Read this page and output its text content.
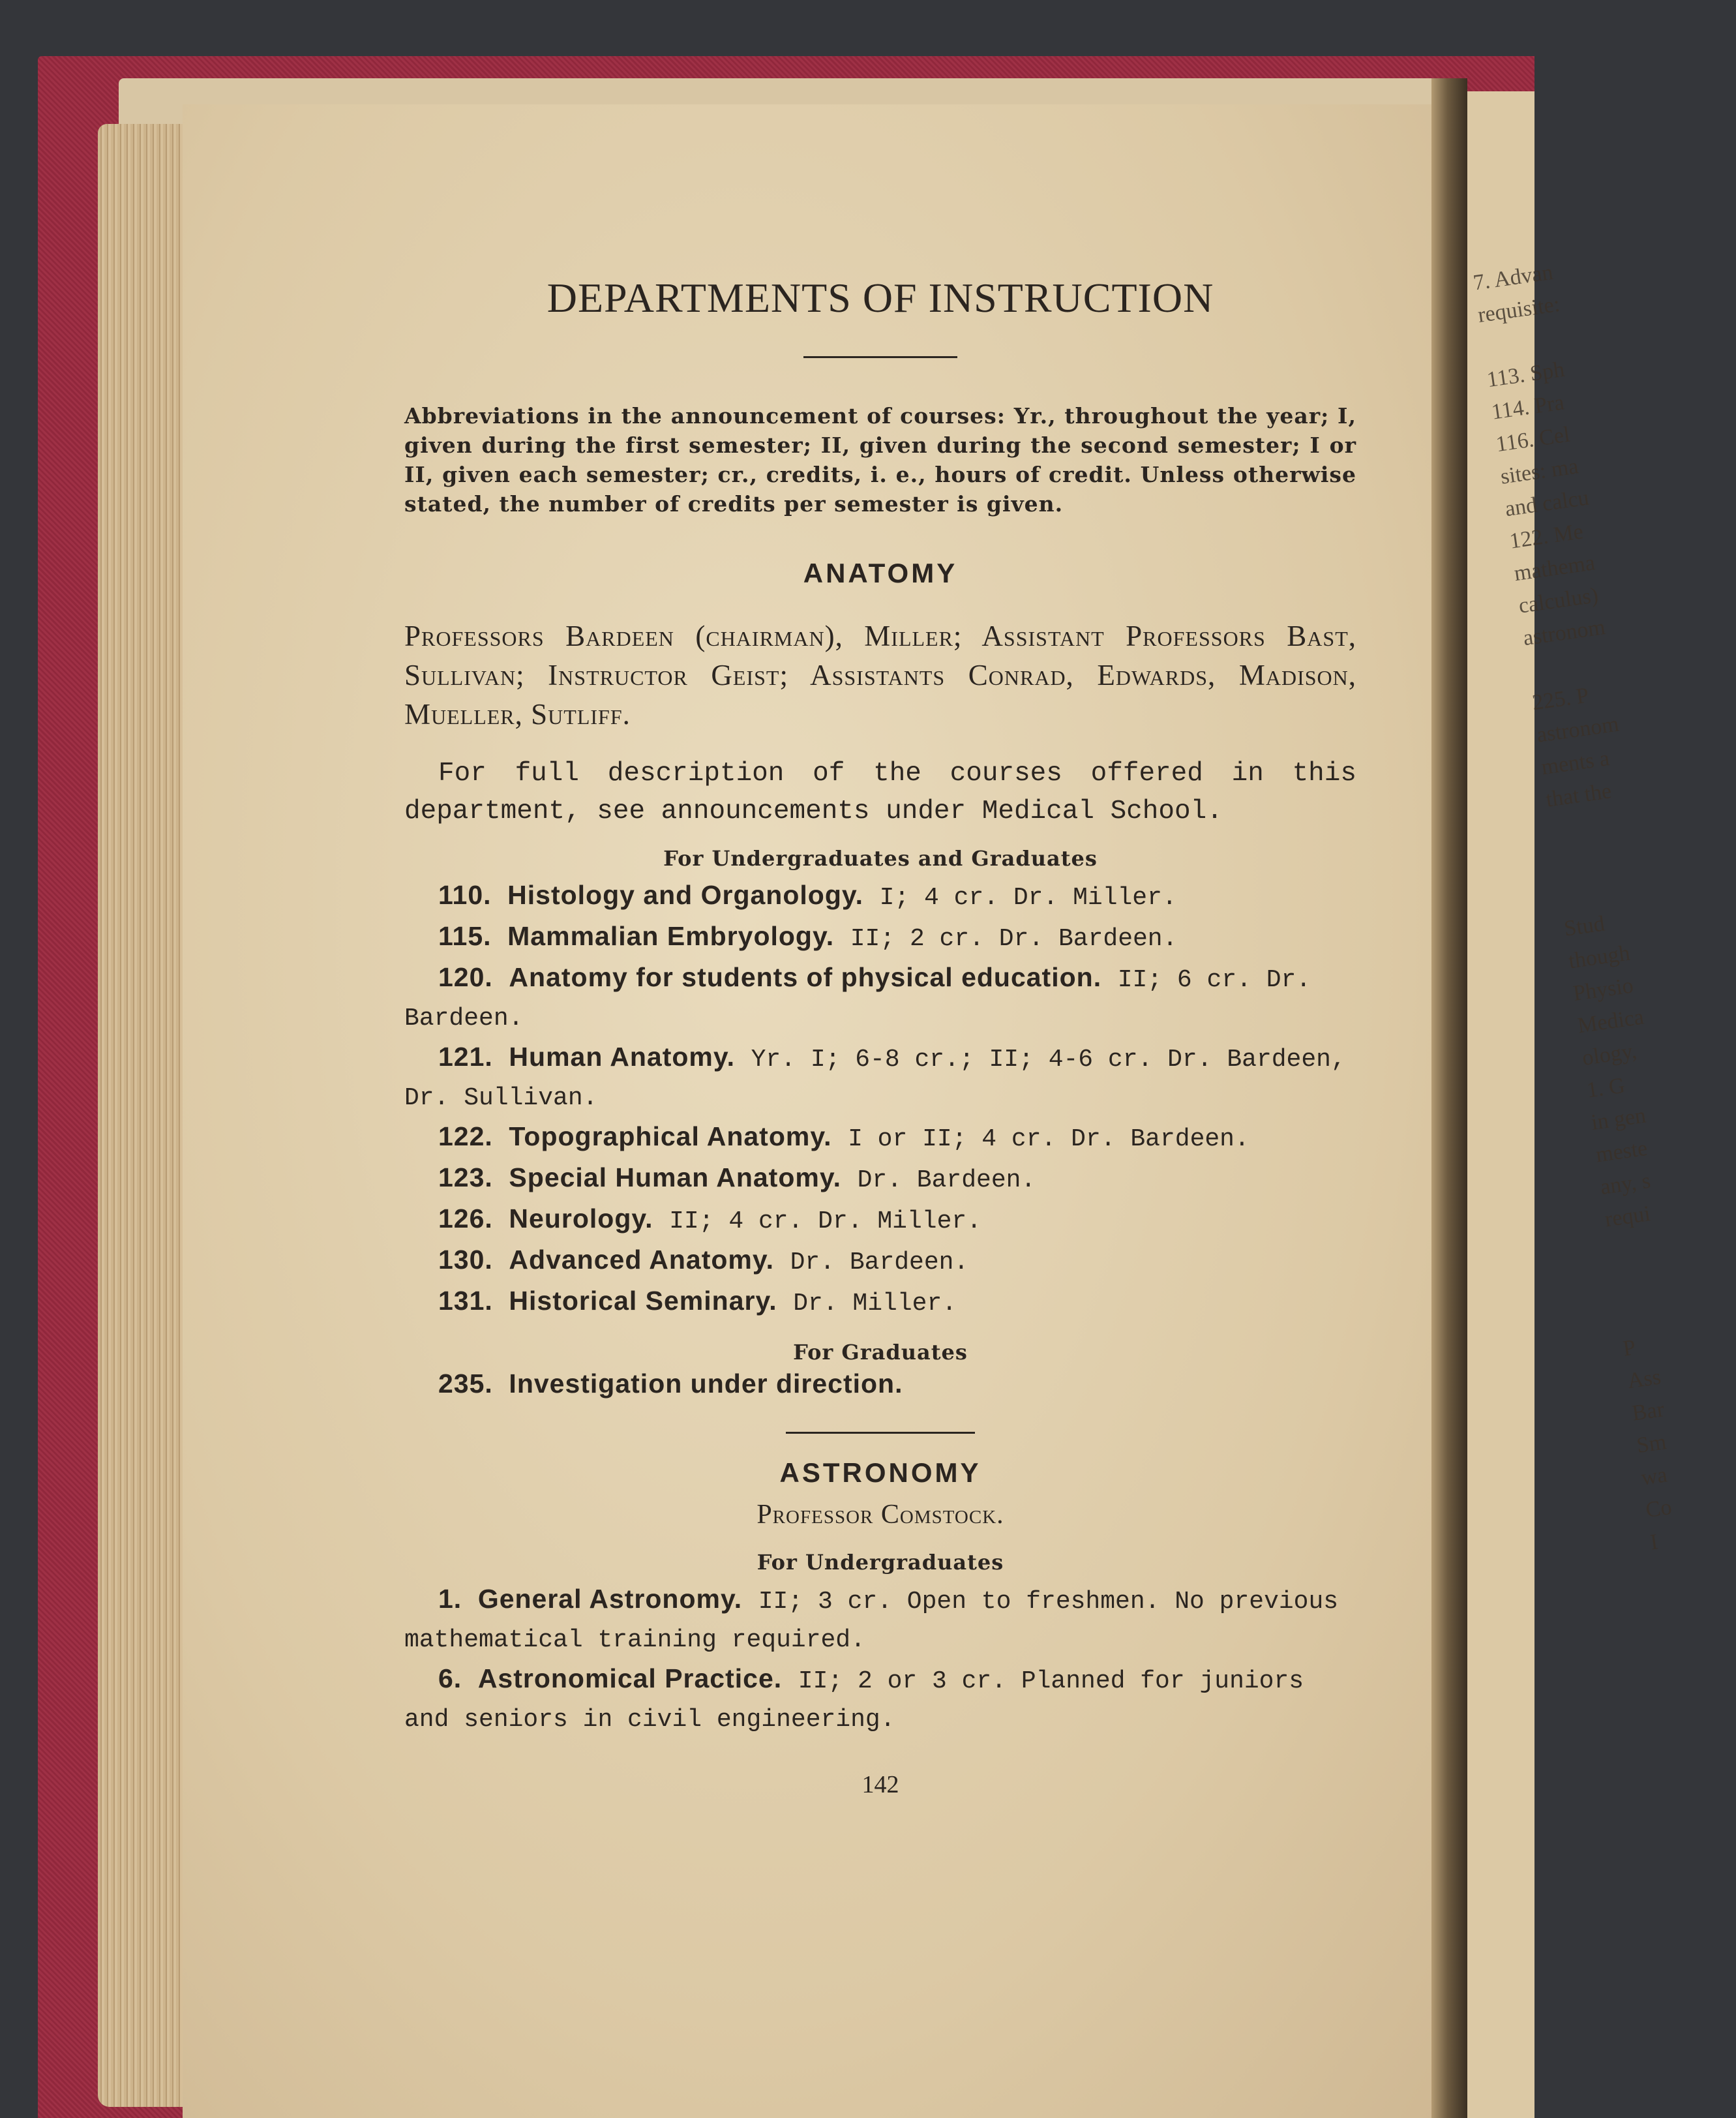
7. Advan
requisite:
113. Sph
114. Pra
116. Cel
sites: ma
and calcu
122. Me
mathema
calculus)
astronom
225. P
astronom
ments a
that the
Stud
though
Physio
Medica
ology,
1. G
in gen
meste
any, s
requi
P
Ass
Bar
Sm
wa
Co
I
DEPARTMENTS OF INSTRUCTION

Abbreviations in the announcement of courses: Yr., throughout the year; I, given during the first semester; II, given during the second semester; I or II, given each semester; cr., credits, i. e., hours of credit. Unless otherwise stated, the number of credits per semester is given.

ANATOMY

Professors Bardeen (chairman), Miller; Assistant Professors Bast, Sullivan; Instructor Geist; Assistants Conrad, Edwards, Madison, Mueller, Sutliff.

For full description of the courses offered in this department, see announcements under Medical School.

For Undergraduates and Graduates

110. Histology and Organology. I; 4 cr. Dr. Miller.

115. Mammalian Embryology. II; 2 cr. Dr. Bardeen.

120. Anatomy for students of physical education. II; 6 cr. Dr. Bardeen.

121. Human Anatomy. Yr. I; 6-8 cr.; II; 4-6 cr. Dr. Bardeen, Dr. Sullivan.

122. Topographical Anatomy. I or II; 4 cr. Dr. Bardeen.

123. Special Human Anatomy. Dr. Bardeen.

126. Neurology. II; 4 cr. Dr. Miller.

130. Advanced Anatomy. Dr. Bardeen.

131. Historical Seminary. Dr. Miller.

For Graduates

235. Investigation under direction.

ASTRONOMY

Professor Comstock.

For Undergraduates

1. General Astronomy. II; 3 cr. Open to freshmen. No previous mathematical training required.

6. Astronomical Practice. II; 2 or 3 cr. Planned for juniors and seniors in civil engineering.

142
